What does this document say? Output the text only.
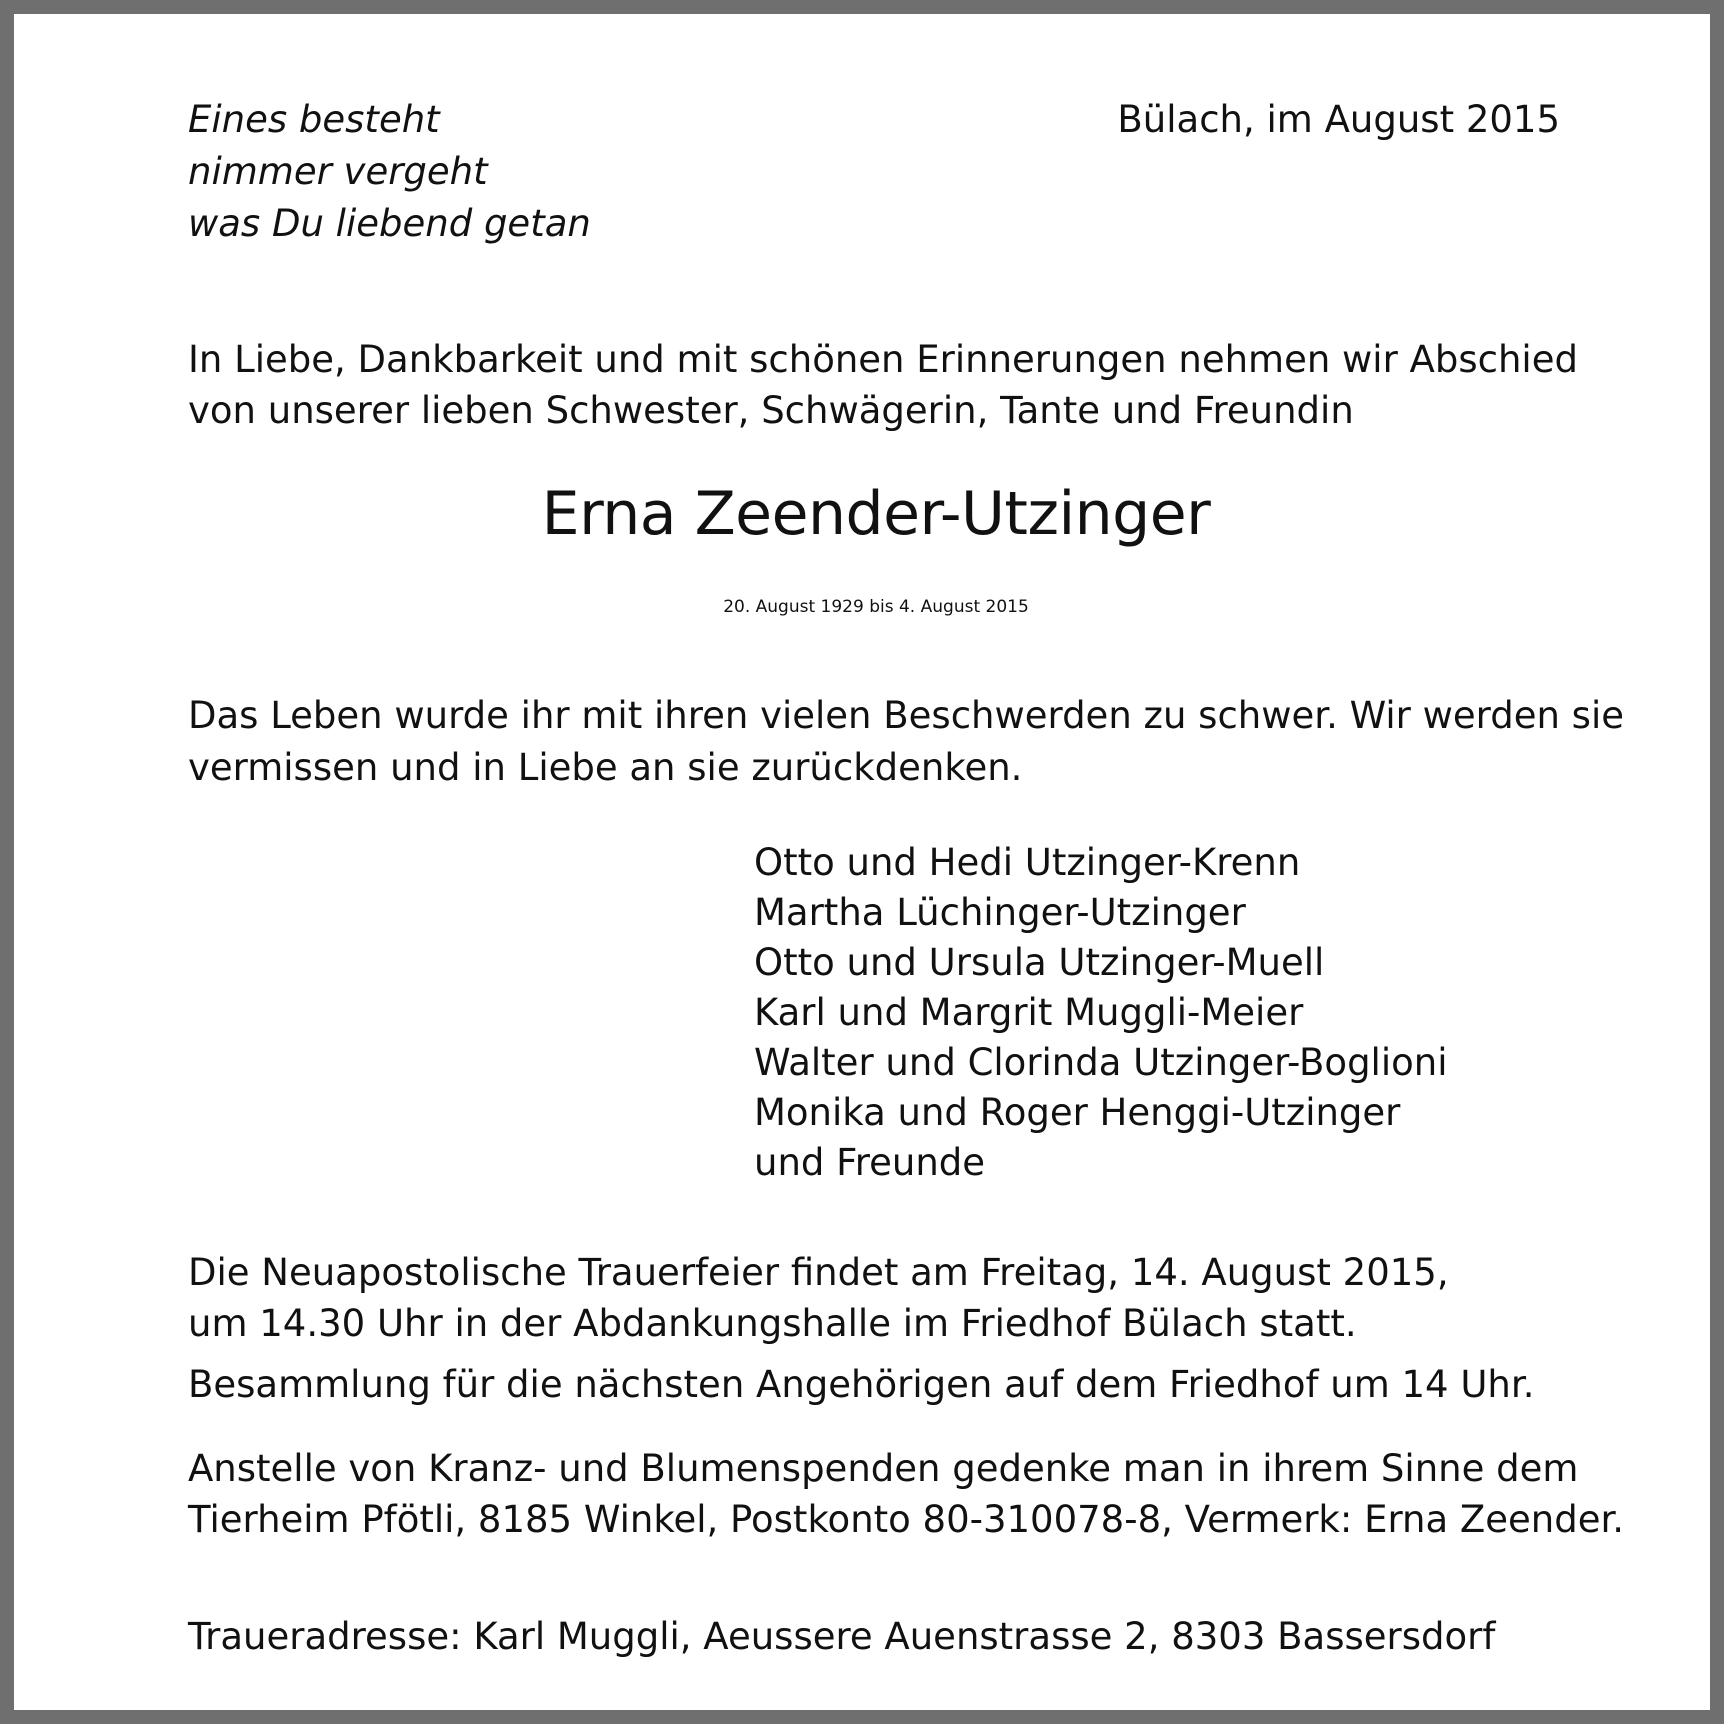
Eines besteht
nimmer vergeht
was Du liebend getan
Bülach, im August 2015
In Liebe, Dankbarkeit und mit schönen Erinnerungen nehmen wir Abschied
von unserer lieben Schwester, Schwägerin, Tante und Freundin
Erna Zeender-Utzinger
20. August 1929 bis 4. August 2015
Das Leben wurde ihr mit ihren vielen Beschwerden zu schwer. Wir werden sie
vermissen und in Liebe an sie zurückdenken.
Otto und Hedi Utzinger-Krenn
Martha Lüchinger-Utzinger
Otto und Ursula Utzinger-Muell
Karl und Margrit Muggli-Meier
Walter und Clorinda Utzinger-Boglioni
Monika und Roger Henggi-Utzinger
und Freunde
Die Neuapostolische Trauerfeier findet am Freitag, 14. August 2015,
um 14.30 Uhr in der Abdankungshalle im Friedhof Bülach statt.
Besammlung für die nächsten Angehörigen auf dem Friedhof um 14 Uhr.
Anstelle von Kranz- und Blumenspenden gedenke man in ihrem Sinne dem
Tierheim Pfötli, 8185 Winkel, Postkonto 80-310078-8, Vermerk: Erna Zeender.
Traueradresse: Karl Muggli, Aeussere Auenstrasse 2, 8303 Bassersdorf
